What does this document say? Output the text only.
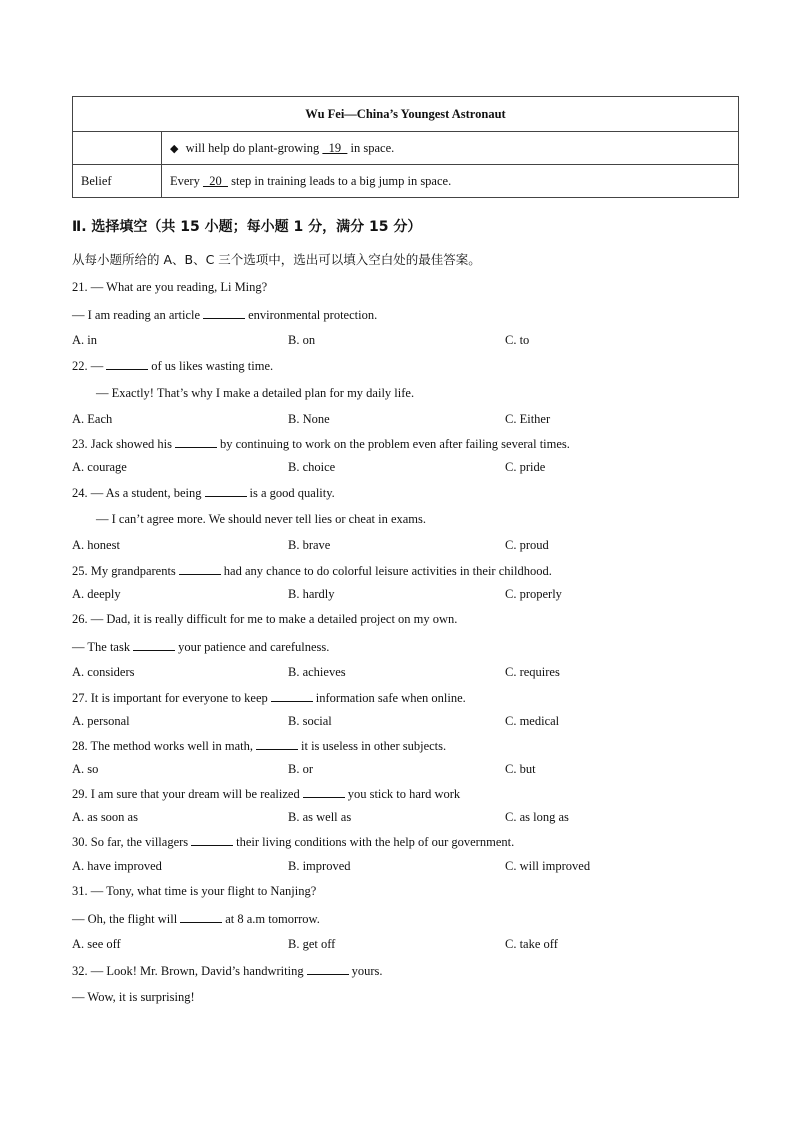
Wu Fei—China’s Youngest Astronaut	
	◆ will help do plant-growing   19   in space.
Belief	Every   20   step in training leads to a big jump in space.
Ⅱ. 选择填空（共 15 小题；每小题 1 分，满分 15 分）
从每小题所给的 A、B、C 三个选项中，选出可以填入空白处的最佳答案。
21. — What are you reading, Li Ming?
— I am reading an article	environmental protection.
A. in	B. on	C. to
22. —	of us likes wasting time.
— Exactly! That’s why I make a detailed plan for my daily life.
A. Each	B. None	C. Either
23. Jack showed his	by continuing to work on the problem even after failing several times.
A. courage	B. choice	C. pride
24. — As a student, being	is a good quality.
— I can’t agree more. We should never tell lies or cheat in exams.
A. honest	B. brave	C. proud
25. My grandparents	had any chance to do colorful leisure activities in their childhood.
A. deeply	B. hardly	C. properly
26. — Dad, it is really difficult for me to make a detailed project on my own.
— The task	your patience and carefulness.
A. considers	B. achieves	C. requires
27. It is important for everyone to keep	information safe when online.
A. personal	B. social	C. medical
28. The method works well in math,	it is useless in other subjects.
A. so	B. or	C. but
29. I am sure that your dream will be realized	you stick to hard work
A. as soon as	B. as well as	C. as long as
30. So far, the villagers	their living conditions with the help of our government.
A. have improved	B. improved	C. will improved
31. — Tony, what time is your flight to Nanjing?
— Oh, the flight will	at 8 a.m tomorrow.
A. see off	B. get off	C. take off
32. — Look! Mr. Brown, David’s handwriting	yours.
— Wow, it is surprising!
